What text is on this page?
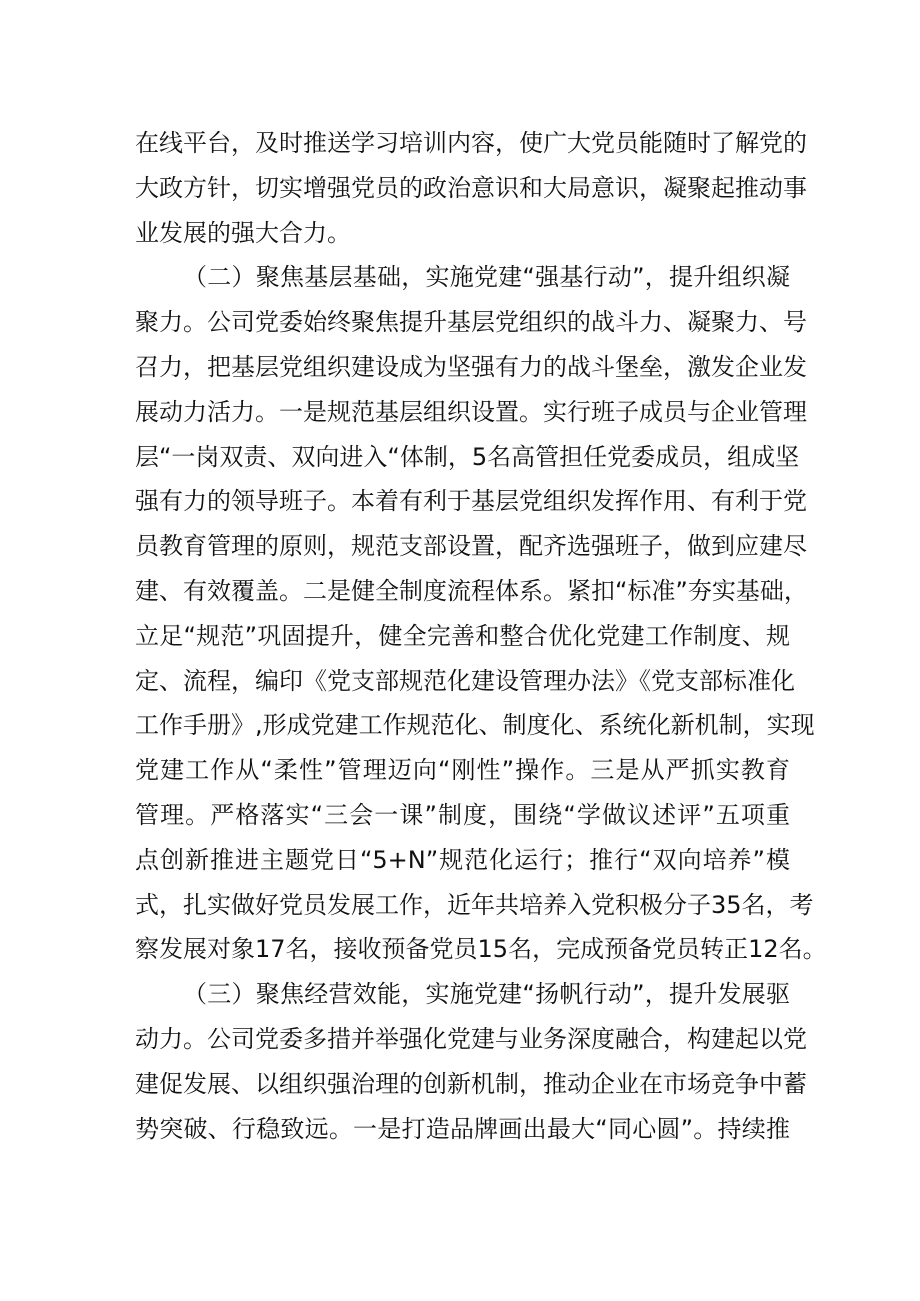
在线平台，及时推送学习培训内容，使广大党员能随时了解党的
大政方针，切实增强党员的政治意识和大局意识，凝聚起推动事
业发展的强大合力。
（二）聚焦基层基础，实施党建“强基行动”，提升组织凝
聚力。公司党委始终聚焦提升基层党组织的战斗力、凝聚力、号
召力，把基层党组织建设成为坚强有力的战斗堡垒，激发企业发
展动力活力。一是规范基层组织设置。实行班子成员与企业管理
层“一岗双责、双向进入“体制，5名高管担任党委成员，组成坚
强有力的领导班子。本着有利于基层党组织发挥作用、有利于党
员教育管理的原则，规范支部设置，配齐选强班子，做到应建尽
建、有效覆盖。二是健全制度流程体系。紧扣“标准”夯实基础，
立足“规范”巩固提升，健全完善和整合优化党建工作制度、规
定、流程，编印《党支部规范化建设管理办法》《党支部标准化
工作手册》,形成党建工作规范化、制度化、系统化新机制，实现
党建工作从“柔性”管理迈向“刚性”操作。三是从严抓实教育
管理。严格落实“三会一课”制度，围绕“学做议述评”五项重
点创新推进主题党日“5+N”规范化运行；推行“双向培养”模
式，扎实做好党员发展工作，近年共培养入党积极分子35名，考
察发展对象17名，接收预备党员15名，完成预备党员转正12名。
（三）聚焦经营效能，实施党建“扬帆行动”，提升发展驱
动力。公司党委多措并举强化党建与业务深度融合，构建起以党
建促发展、以组织强治理的创新机制，推动企业在市场竞争中蓄
势突破、行稳致远。一是打造品牌画出最大“同心圆”。持续推
